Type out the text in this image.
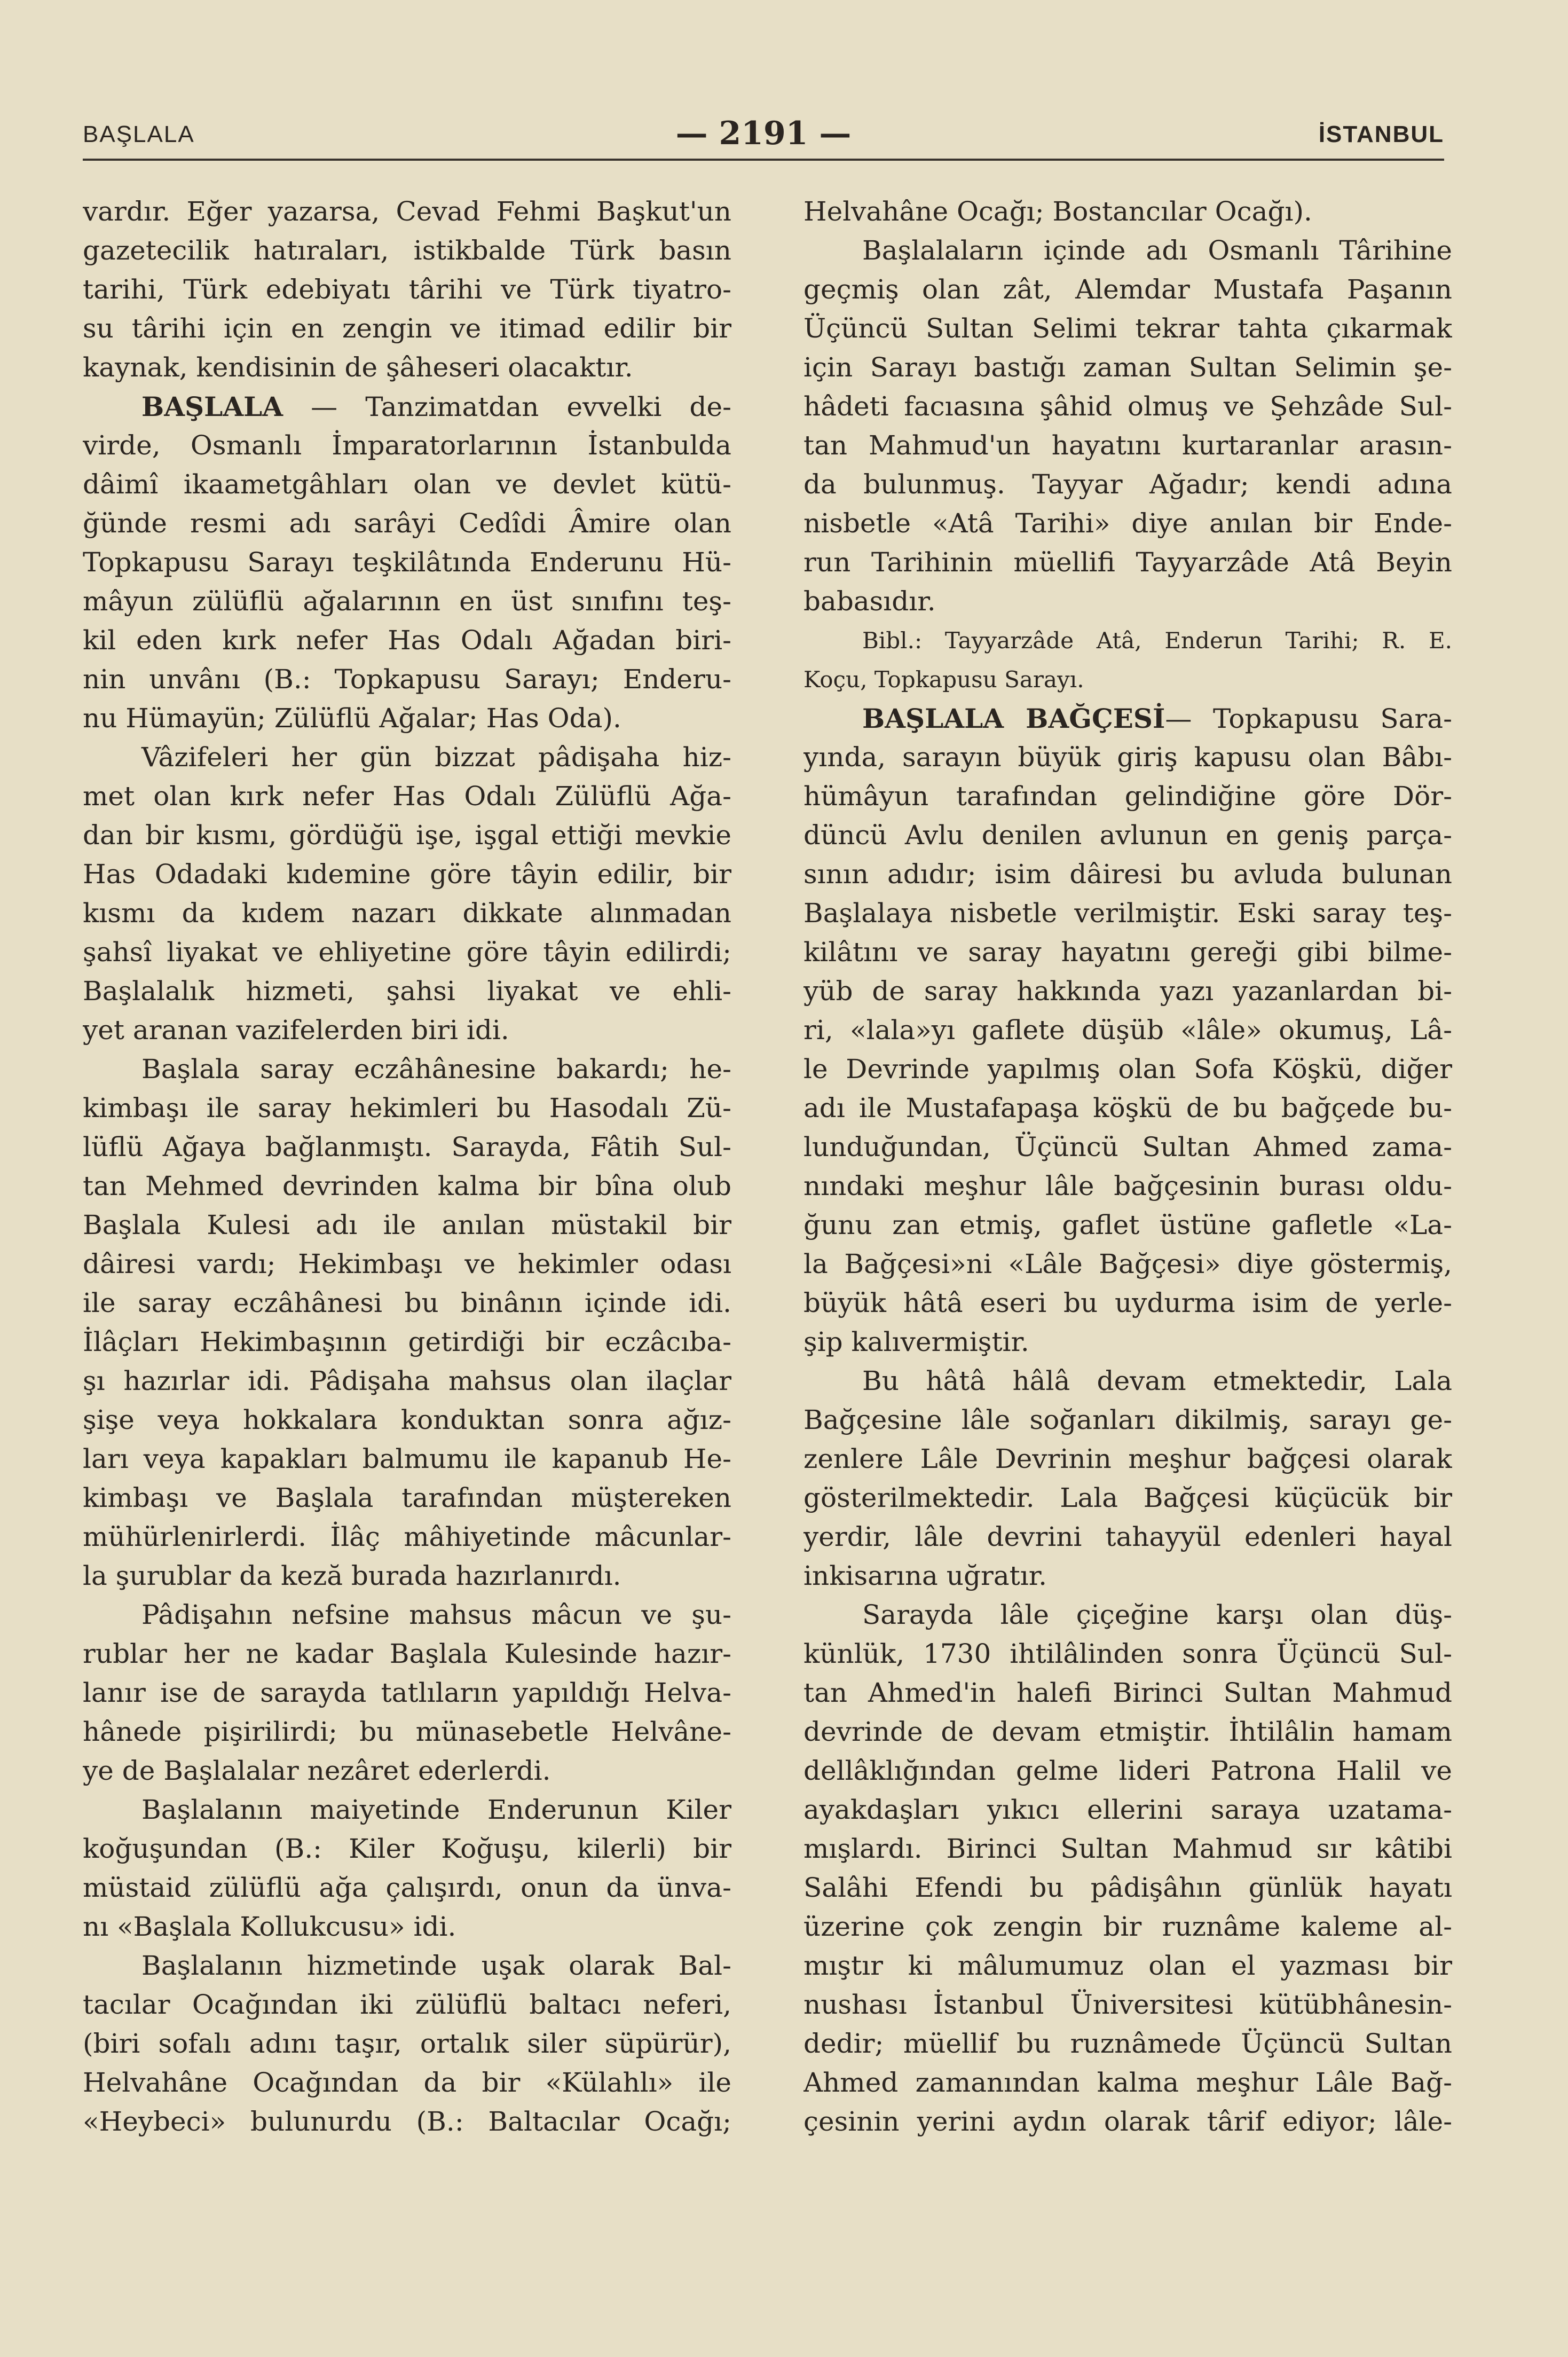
BAŞLALA	— 2191 —	İSTANBUL
vardır. Eğer yazarsa, Cevad Fehmi Başkut'un
gazetecilik hatıraları, istikbalde Türk basın
tarihi, Türk edebiyatı târihi ve Türk tiyatro-
su târihi için en zengin ve itimad edilir bir
kaynak, kendisinin de şâheseri olacaktır.
BAŞLALA — Tanzimatdan evvelki de-
virde, Osmanlı İmparatorlarının İstanbulda
dâimî ikaametgâhları olan ve devlet kütü-
ğünde resmi adı sarâyi Cedîdi Âmire olan
Topkapusu Sarayı teşkilâtında Enderunu Hü-
mâyun zülüflü ağalarının en üst sınıfını teş-
kil eden kırk nefer Has Odalı Ağadan biri-
nin unvânı (B.: Topkapusu Sarayı; Enderu-
nu Hümayün; Zülüflü Ağalar; Has Oda).
Vâzifeleri her gün bizzat pâdişaha hiz-
met olan kırk nefer Has Odalı Zülüflü Ağa-
dan bir kısmı, gördüğü işe, işgal ettiği mevkie
Has Odadaki kıdemine göre tâyin edilir, bir
kısmı da kıdem nazarı dikkate alınmadan
şahsî liyakat ve ehliyetine göre tâyin edilirdi;
Başlalalık hizmeti, şahsi liyakat ve ehli-
yet aranan vazifelerden biri idi.
Başlala saray eczâhânesine bakardı; he-
kimbaşı ile saray hekimleri bu Hasodalı Zü-
lüflü Ağaya bağlanmıştı. Sarayda, Fâtih Sul-
tan Mehmed devrinden kalma bir bîna olub
Başlala Kulesi adı ile anılan müstakil bir
dâiresi vardı; Hekimbaşı ve hekimler odası
ile saray eczâhânesi bu binânın içinde idi.
İlâçları Hekimbaşının getirdiği bir eczâcıba-
şı hazırlar idi. Pâdişaha mahsus olan ilaçlar
şişe veya hokkalara konduktan sonra ağız-
ları veya kapakları balmumu ile kapanub He-
kimbaşı ve Başlala tarafından müştereken
mühürlenirlerdi. İlâç mâhiyetinde mâcunlar-
la şurublar da keză burada hazırlanırdı.
Pâdişahın nefsine mahsus mâcun ve şu-
rublar her ne kadar Başlala Kulesinde hazır-
lanır ise de sarayda tatlıların yapıldığı Helva-
hânede pişirilirdi; bu münasebetle Helvâne-
ye de Başlalalar nezâret ederlerdi.
Başlalanın maiyetinde Enderunun Kiler
koğuşundan (B.: Kiler Koğuşu, kilerli) bir
müstaid zülüflü ağa çalışırdı, onun da ünva-
nı «Başlala Kollukcusu» idi.
Başlalanın hizmetinde uşak olarak Bal-
tacılar Ocağından iki zülüflü baltacı neferi,
(biri sofalı adını taşır, ortalık siler süpürür),
Helvahâne Ocağından da bir «Külahlı» ile
«Heybeci» bulunurdu (B.: Baltacılar Ocağı;
Helvahâne Ocağı; Bostancılar Ocağı).
Başlalaların içinde adı Osmanlı Târihine
geçmiş olan zât, Alemdar Mustafa Paşanın
Üçüncü Sultan Selimi tekrar tahta çıkarmak
için Sarayı bastığı zaman Sultan Selimin şe-
hâdeti facıasına şâhid olmuş ve Şehzâde Sul-
tan Mahmud'un hayatını kurtaranlar arasın-
da bulunmuş. Tayyar Ağadır; kendi adına
nisbetle «Atâ Tarihi» diye anılan bir Ende-
run Tarihinin müellifi Tayyarzâde Atâ Beyin
babasıdır.
Bibl.: Tayyarzâde Atâ, Enderun Tarihi; R. E.
Koçu, Topkapusu Sarayı.
BAŞLALA BAĞÇESİ— Topkapusu Sara-
yında, sarayın büyük giriş kapusu olan Bâbı-
hümâyun tarafından gelindiğine göre Dör-
düncü Avlu denilen avlunun en geniş parça-
sının adıdır; isim dâiresi bu avluda bulunan
Başlalaya nisbetle verilmiştir. Eski saray teş-
kilâtını ve saray hayatını gereği gibi bilme-
yüb de saray hakkında yazı yazanlardan bi-
ri, «lala»yı gaflete düşüb «lâle» okumuş, Lâ-
le Devrinde yapılmış olan Sofa Köşkü, diğer
adı ile Mustafapaşa köşkü de bu bağçede bu-
lunduğundan, Üçüncü Sultan Ahmed zama-
nındaki meşhur lâle bağçesinin burası oldu-
ğunu zan etmiş, gaflet üstüne gafletle «La-
la Bağçesi»ni «Lâle Bağçesi» diye göstermiş,
büyük hâtâ eseri bu uydurma isim de yerle-
şip kalıvermiştir.
Bu hâtâ hâlâ devam etmektedir, Lala
Bağçesine lâle soğanları dikilmiş, sarayı ge-
zenlere Lâle Devrinin meşhur bağçesi olarak
gösterilmektedir. Lala Bağçesi küçücük bir
yerdir, lâle devrini tahayyül edenleri hayal
inkisarına uğratır.
Sarayda lâle çiçeğine karşı olan düş-
künlük, 1730 ihtilâlinden sonra Üçüncü Sul-
tan Ahmed'in halefi Birinci Sultan Mahmud
devrinde de devam etmiştir. İhtilâlin hamam
dellâklığından gelme lideri Patrona Halil ve
ayakdaşları yıkıcı ellerini saraya uzatama-
mışlardı. Birinci Sultan Mahmud sır kâtibi
Salâhi Efendi bu pâdişâhın günlük hayatı
üzerine çok zengin bir ruznâme kaleme al-
mıştır ki mâlumumuz olan el yazması bir
nushası İstanbul Üniversitesi kütübhânesin-
dedir; müellif bu ruznâmede Üçüncü Sultan
Ahmed zamanından kalma meşhur Lâle Bağ-
çesinin yerini aydın olarak târif ediyor; lâle-
